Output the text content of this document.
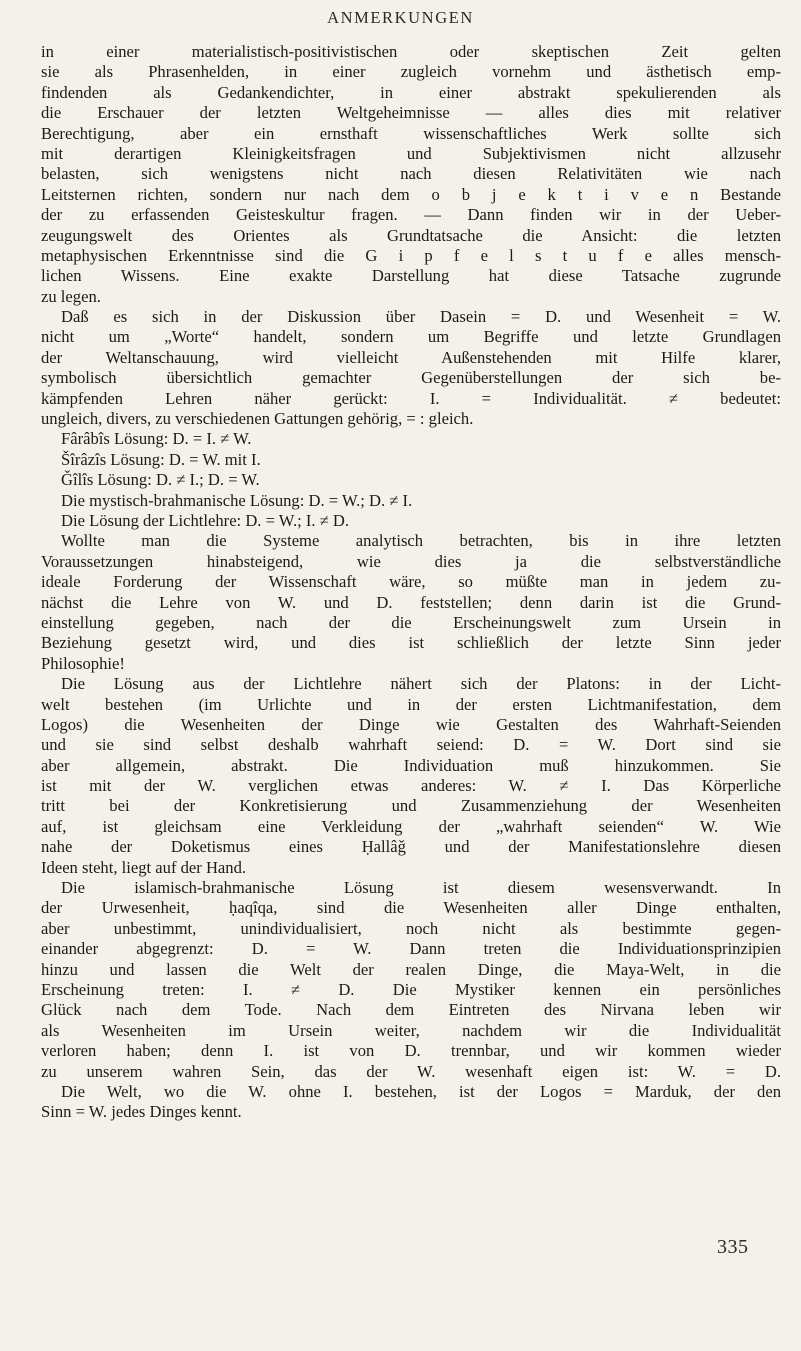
ANMERKUNGEN
in einer materialistisch-positivistischen oder skeptischen Zeit gelten
sie als Phrasenhelden, in einer zugleich vornehm und ästhetisch emp-
findenden als Gedankendichter, in einer abstrakt spekulierenden als
die Erschauer der letzten Weltgeheimnisse — alles dies mit relativer
Berechtigung, aber ein ernsthaft wissenschaftliches Werk sollte sich
mit derartigen Kleinigkeitsfragen und Subjektivismen nicht allzusehr
belasten, sich wenigstens nicht nach diesen Relativitäten wie nach
Leitsternen richten, sondern nur nach dem o b j e k t i v e n Bestande
der zu erfassenden Geisteskultur fragen. — Dann finden wir in der Ueber-
zeugungswelt des Orientes als Grundtatsache die Ansicht: die letzten
metaphysischen Erkenntnisse sind die G i p f e l s t u f e alles mensch-
lichen Wissens. Eine exakte Darstellung hat diese Tatsache zugrunde
zu legen.
Daß es sich in der Diskussion über Dasein = D. und Wesenheit = W.
nicht um „Worte“ handelt, sondern um Begriffe und letzte Grundlagen
der Weltanschauung, wird vielleicht Außenstehenden mit Hilfe klarer,
symbolisch übersichtlich gemachter Gegenüberstellungen der sich be-
kämpfenden Lehren näher gerückt: I. = Individualität. ≠ bedeutet:
ungleich, divers, zu verschiedenen Gattungen gehörig, = : gleich.
Fârâbîs Lösung: D. = I. ≠ W.
Šîrâzîs Lösung: D. = W. mit I.
Ǧîlîs Lösung: D. ≠ I.; D. = W.
Die mystisch-brahmanische Lösung: D. = W.; D. ≠ I.
Die Lösung der Lichtlehre: D. = W.; I. ≠ D.
Wollte man die Systeme analytisch betrachten, bis in ihre letzten
Voraussetzungen hinabsteigend, wie dies ja die selbstverständliche
ideale Forderung der Wissenschaft wäre, so müßte man in jedem zu-
nächst die Lehre von W. und D. feststellen; denn darin ist die Grund-
einstellung gegeben, nach der die Erscheinungswelt zum Ursein in
Beziehung gesetzt wird, und dies ist schließlich der letzte Sinn jeder
Philosophie!
Die Lösung aus der Lichtlehre nähert sich der Platons: in der Licht-
welt bestehen (im Urlichte und in der ersten Lichtmanifestation, dem
Logos) die Wesenheiten der Dinge wie Gestalten des Wahrhaft-Seienden
und sie sind selbst deshalb wahrhaft seiend: D. = W. Dort sind sie
aber allgemein, abstrakt. Die Individuation muß hinzukommen. Sie
ist mit der W. verglichen etwas anderes: W. ≠ I. Das Körperliche
tritt bei der Konkretisierung und Zusammenziehung der Wesenheiten
auf, ist gleichsam eine Verkleidung der „wahrhaft seienden“ W. Wie
nahe der Doketismus eines Ḥallâǧ und der Manifestationslehre diesen
Ideen steht, liegt auf der Hand.
Die islamisch-brahmanische Lösung ist diesem wesensverwandt. In
der Urwesenheit, ḥaqîqa, sind die Wesenheiten aller Dinge enthalten,
aber unbestimmt, unindividualisiert, noch nicht als bestimmte gegen-
einander abgegrenzt: D. = W. Dann treten die Individuationsprinzipien
hinzu und lassen die Welt der realen Dinge, die Maya-Welt, in die
Erscheinung treten: I. ≠ D. Die Mystiker kennen ein persönliches
Glück nach dem Tode. Nach dem Eintreten des Nirvana leben wir
als Wesenheiten im Ursein weiter, nachdem wir die Individualität
verloren haben; denn I. ist von D. trennbar, und wir kommen wieder
zu unserem wahren Sein, das der W. wesenhaft eigen ist: W. = D.
Die Welt, wo die W. ohne I. bestehen, ist der Logos = Marduk, der den
Sinn = W. jedes Dinges kennt.
335
